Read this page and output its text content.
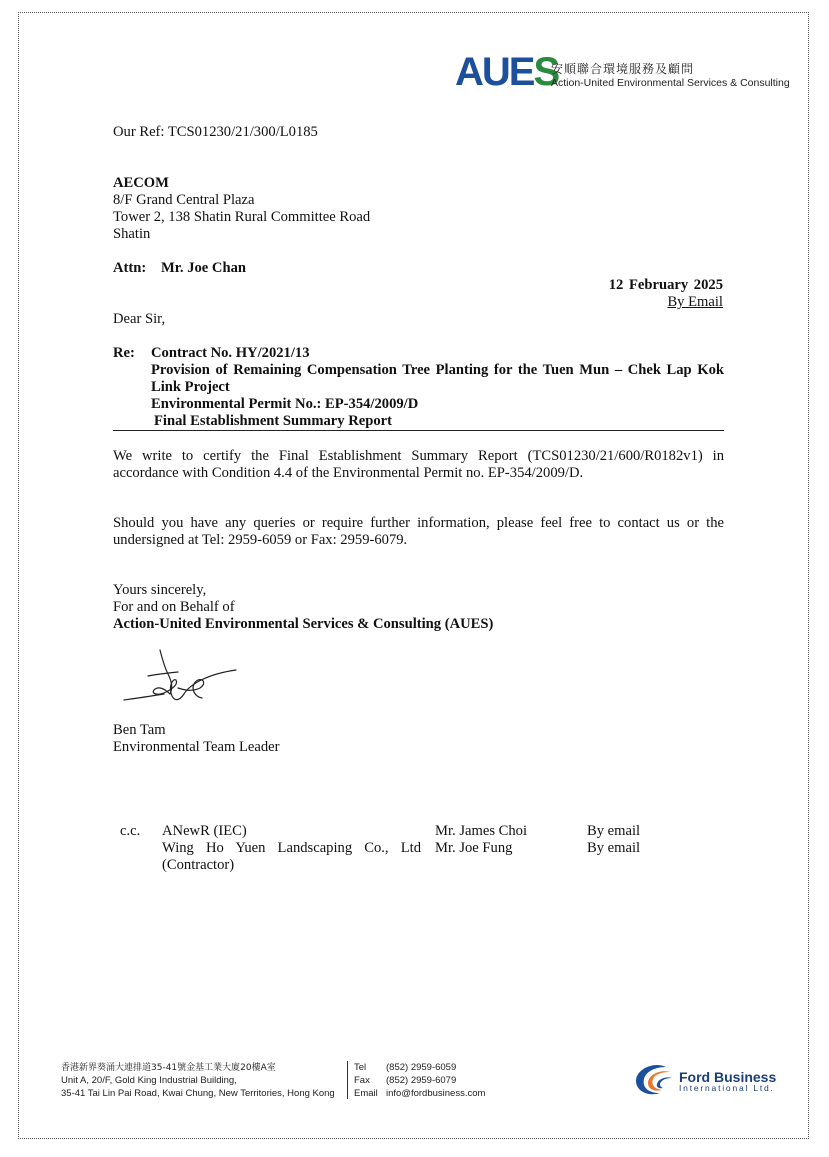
AUES
安順聯合環境服務及顧問
Action-United Environmental Services & Consulting
Our Ref: TCS01230/21/300/L0185
AECOM
8/F Grand Central Plaza
Tower 2, 138 Shatin Rural Committee Road
Shatin
Attn: Mr. Joe Chan
12 February 2025
By Email
Dear Sir,
Re: Contract No. HY/2021/13
Provision of Remaining Compensation Tree Planting for the Tuen Mun – Chek Lap Kok
Link Project
Environmental Permit No.: EP-354/2009/D
Final Establishment Summary Report
We write to certify the Final Establishment Summary Report (TCS01230/21/600/R0182v1) in
accordance with Condition 4.4 of the Environmental Permit no. EP-354/2009/D.
Should you have any queries or require further information, please feel free to contact us or the
undersigned at Tel: 2959-6059 or Fax: 2959-6079.
Yours sincerely,
For and on Behalf of
Action-United Environmental Services & Consulting (AUES)
Ben Tam
Environmental Team Leader
c.c. ANewR (IEC)	Mr. James Choi	By email
Wing Ho Yuen Landscaping Co., Ltd Mr. Joe Fung	By email
(Contractor)
香港新界葵涌大連排道35-41號金基工業大廈20樓A室
Unit A, 20/F, Gold King Industrial Building,
35-41 Tai Lin Pai Road, Kwai Chung, New Territories, Hong Kong
Tel (852) 2959-6059
Fax (852) 2959-6079
Email info@fordbusiness.com
Ford Business
International Ltd.
